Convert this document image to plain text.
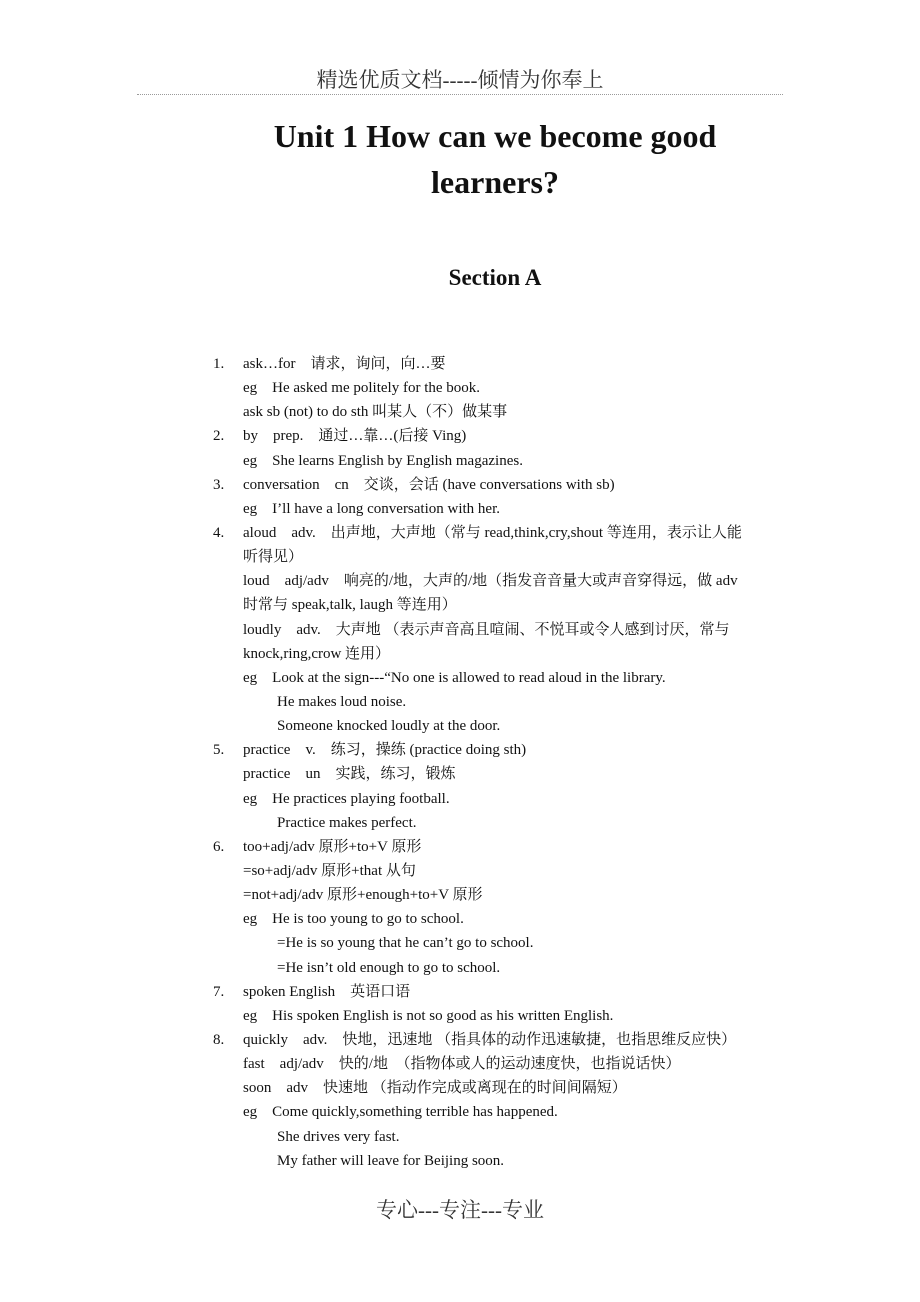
精选优质文档-----倾情为你奉上
Unit 1 How can we become good
learners?
Section A
1.	ask…for　请求，询问，向…要
eg　He asked me politely for the book.
ask sb (not) to do sth 叫某人（不）做某事
2.	by　prep.　通过…靠…(后接 Ving)
eg　She learns English by English magazines.
3.	conversation　cn　交谈，会话 (have conversations with sb)
eg　I’ll have a long conversation with her.
4.	aloud　adv.　出声地，大声地（常与 read,think,cry,shout 等连用，表示让人能
听得见）
loud　adj/adv　响亮的/地，大声的/地（指发音音量大或声音穿得远，做 adv
时常与 speak,talk, laugh 等连用）
loudly　adv.　大声地 （表示声音高且喧闹、不悦耳或令人感到讨厌，常与
knock,ring,crow 连用）
eg　Look at the sign---“No one is allowed to read aloud in the library.
He makes loud noise.
Someone knocked loudly at the door.
5.	practice　v.　练习，操练 (practice doing sth)
practice　un　实践，练习，锻炼
eg　He practices playing football.
Practice makes perfect.
6.	too+adj/adv 原形+to+V 原形
=so+adj/adv 原形+that 从句
=not+adj/adv 原形+enough+to+V 原形
eg　He is too young to go to school.
=He is so young that he can’t go to school.
=He isn’t old enough to go to school.
7.	spoken English　英语口语
eg　His spoken English is not so good as his written English.
8.	quickly　adv.　快地，迅速地 （指具体的动作迅速敏捷，也指思维反应快）
fast　adj/adv　快的/地　（指物体或人的运动速度快，也指说话快）
soon　adv　快速地 （指动作完成或离现在的时间间隔短）
eg　Come quickly,something terrible has happened.
She drives very fast.
My father will leave for Beijing soon.
专心---专注---专业
